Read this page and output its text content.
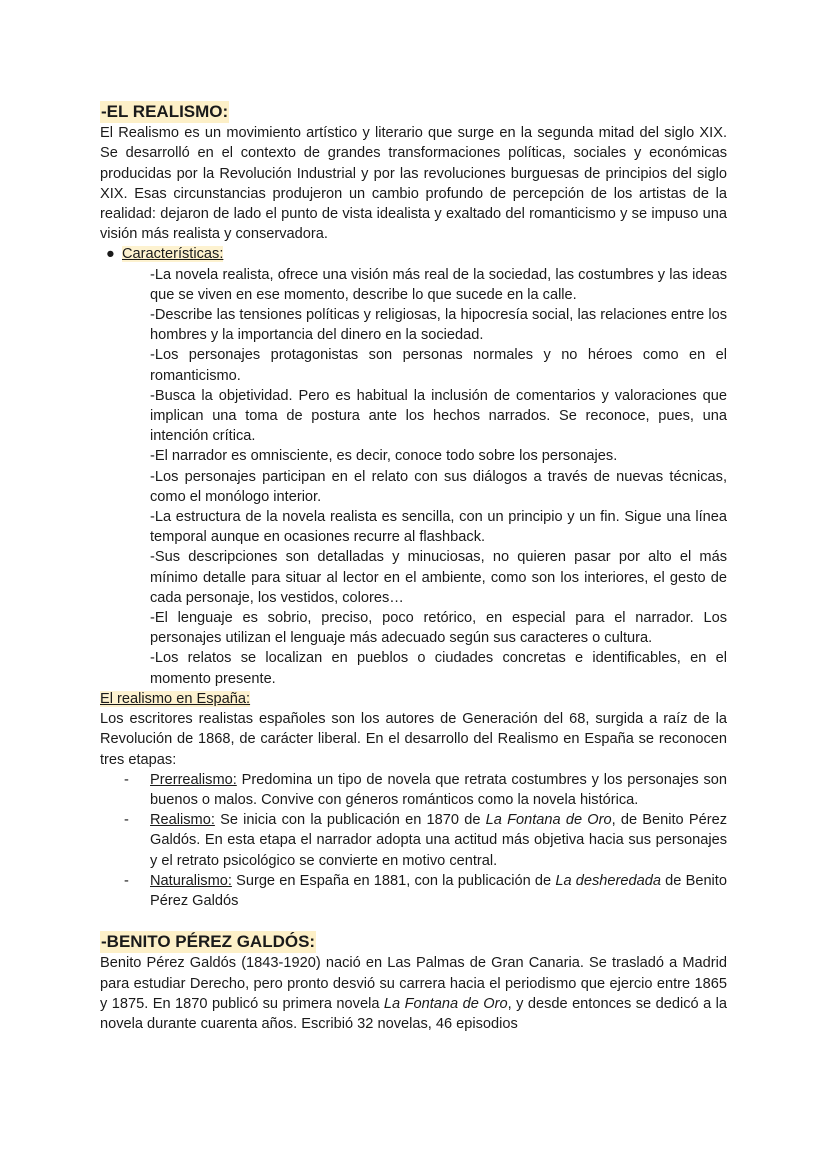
-EL REALISMO:

El Realismo es un movimiento artístico y literario que surge en la segunda mitad del siglo XIX. Se desarrolló en el contexto de grandes transformaciones políticas, sociales y económicas producidas por la Revolución Industrial y por las revoluciones burguesas de principios del siglo XIX. Esas circunstancias produjeron un cambio profundo de percepción de los artistas de la realidad: dejaron de lado el punto de vista idealista y exaltado del romanticismo y se impuso una visión más realista y conservadora.

● Características:

-La novela realista, ofrece una visión más real de la sociedad, las costumbres y las ideas que se viven en ese momento, describe lo que sucede en la calle.

-Describe las tensiones políticas y religiosas, la hipocresía social, las relaciones entre los hombres y la importancia del dinero en la sociedad.

-Los personajes protagonistas son personas normales y no héroes como en el romanticismo.

-Busca la objetividad. Pero es habitual la inclusión de comentarios y valoraciones que implican una toma de postura ante los hechos narrados. Se reconoce, pues, una intención crítica.

-El narrador es omnisciente, es decir, conoce todo sobre los personajes.

-Los personajes participan en el relato con sus diálogos a través de nuevas técnicas, como el monólogo interior.

-La estructura de la novela realista es sencilla, con un principio y un fin. Sigue una línea temporal aunque en ocasiones recurre al flashback.

-Sus descripciones son detalladas y minuciosas, no quieren pasar por alto el más mínimo detalle para situar al lector en el ambiente, como son los interiores, el gesto de cada personaje, los vestidos, colores…

-El lenguaje es sobrio, preciso, poco retórico, en especial para el narrador. Los personajes utilizan el lenguaje más adecuado según sus caracteres o cultura.

-Los relatos se localizan en pueblos o ciudades concretas e identificables, en el momento presente.

El realismo en España:

Los escritores realistas españoles son los autores de Generación del 68, surgida a raíz de la Revolución de 1868, de carácter liberal. En el desarrollo del Realismo en España se reconocen tres etapas:

- Prerrealismo: Predomina un tipo de novela que retrata costumbres y los personajes son buenos o malos. Convive con géneros románticos como la novela histórica.

- Realismo: Se inicia con la publicación en 1870 de La Fontana de Oro, de Benito Pérez Galdós. En esta etapa el narrador adopta una actitud más objetiva hacia sus personajes y el retrato psicológico se convierte en motivo central.

- Naturalismo: Surge en España en 1881, con la publicación de La desheredada de Benito Pérez Galdós

-BENITO PÉREZ GALDÓS:

Benito Pérez Galdós (1843-1920) nació en Las Palmas de Gran Canaria. Se trasladó a Madrid para estudiar Derecho, pero pronto desvió su carrera hacia el periodismo que ejercio entre 1865 y 1875. En 1870 publicó su primera novela La Fontana de Oro, y desde entonces se dedicó a la novela durante cuarenta años. Escribió 32 novelas, 46 episodios
